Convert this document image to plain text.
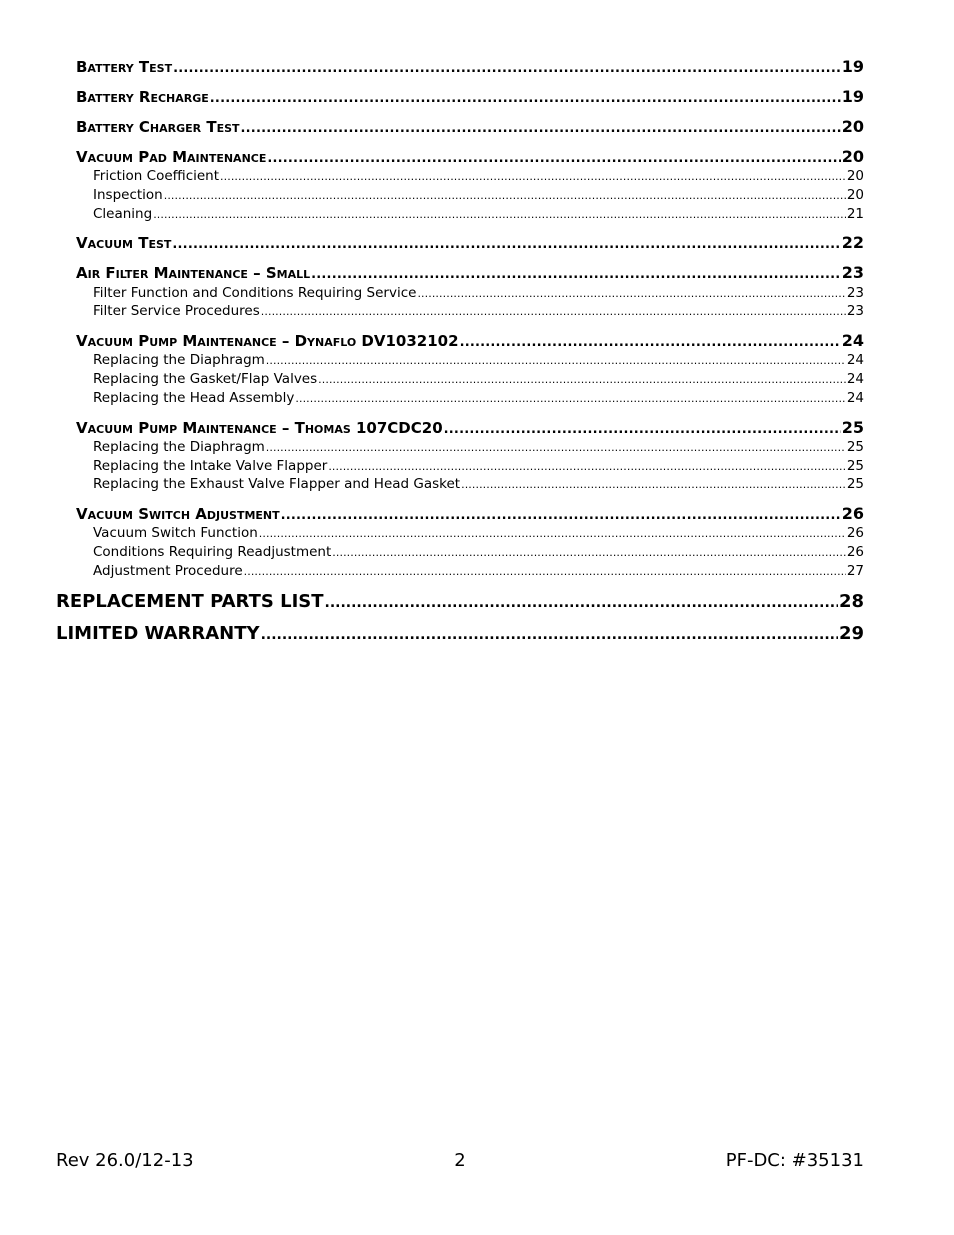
Battery Test .....	19
Battery Recharge .....	19
Battery Charger Test .....	20
Vacuum Pad Maintenance .....	20
Friction Coefficient .....	20
Inspection .....	20
Cleaning .....	21
Vacuum Test .....	22
Air Filter Maintenance – Small .....	23
Filter Function and Conditions Requiring Service .....	23
Filter Service Procedures .....	23
Vacuum Pump Maintenance – Dynaflo DV1032102 .....	24
Replacing the Diaphragm .....	24
Replacing the Gasket/Flap Valves .....	24
Replacing the Head Assembly .....	24
Vacuum Pump Maintenance – Thomas 107CDC20 .....	25
Replacing the Diaphragm .....	25
Replacing the Intake Valve Flapper .....	25
Replacing the Exhaust Valve Flapper and Head Gasket .....	25
Vacuum Switch Adjustment .....	26
Vacuum Switch Function .....	26
Conditions Requiring Readjustment .....	26
Adjustment Procedure .....	27
REPLACEMENT PARTS LIST .....	28
LIMITED WARRANTY .....	29
Rev 26.0/12-13	2	PF-DC: #35131
